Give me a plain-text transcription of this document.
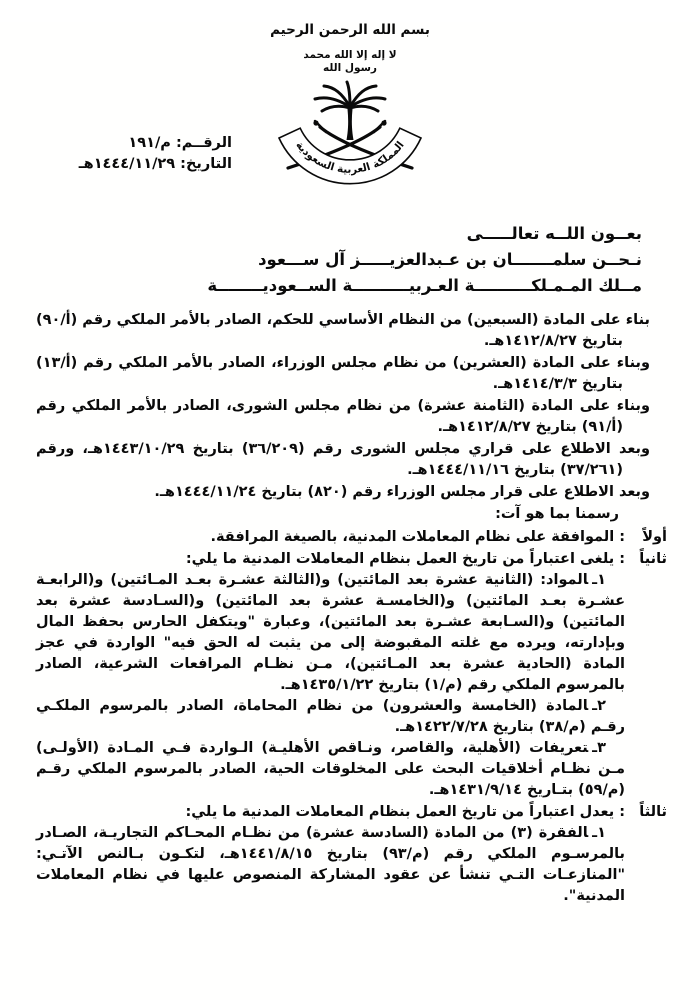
بسم الله الرحمن الرحيم
لا إله إلا الله محمد رسول الله
المملكة العربية السعودية
الرقــم: م/١٩١
التاريخ: ١٤٤٤/١١/٢٩هـ
بعــون اللــه تعالـــــى
نـحــن سلمـــــــان بن عـبدالعزيـــــز آل ســـعود
مــلك المـمـلكــــــــــة العـربيــــــــــة الســعوديــــــــة

بناء على المادة (السبعين) من النظام الأساسي للحكم، الصادر بالأمر الملكي رقم (أ/٩٠) بتاريخ ١٤١٢/٨/٢٧هـ.

وبناء على المادة (العشرين) من نظام مجلس الوزراء، الصادر بالأمر الملكي رقم (أ/١٣) بتاريخ ١٤١٤/٣/٣هـ.

وبناء على المادة (الثامنة عشرة) من نظام مجلس الشورى، الصادر بالأمر الملكي رقم (أ/٩١) بتاريخ ١٤١٢/٨/٢٧هـ.

وبعد الاطلاع على قراري مجلس الشورى رقم (٣٦/٢٠٩) بتاريخ ١٤٤٣/١٠/٢٩هـ، ورقم (٣٧/٢٦١) بتاريخ ١٤٤٤/١١/١٦هـ.

وبعد الاطلاع على قرار مجلس الوزراء رقم (٨٢٠) بتاريخ ١٤٤٤/١١/٢٤هـ.

رسمنا بما هو آت:
أولاً
:الموافقة على نظام المعاملات المدنية، بالصيغة المرافقة.
ثانياً
:يلغى اعتباراً من تاريخ العمل بنظام المعاملات المدنية ما يلي:
١ـالمواد: (الثانية عشرة بعد المائتين) و(الثالثة عشـرة بعـد المـائتين) و(الرابعـة عشـرة بعـد المائتين) و(الخامسـة عشرة بعد المائتين) و(السـادسة عشرة بعد المائتين) و(السـابعة عشـرة بعد المائتين)، وعبارة "ويتكفل الحارس بحفظ المال وبإدارته، ويرده مع غلته المقبوضة إلى من يثبت له الحق فيه" الواردة في عجز المادة (الحادية عشرة بعد المـائتين)، مـن نظـام المرافعات الشرعية، الصادر بالمرسوم الملكي رقم (م/١) بتاريخ ١٤٣٥/١/٢٢هـ.
٢ـالمادة (الخامسة والعشرون) من نظام المحاماة، الصادر بالمرسوم الملكـي رقـم (م/٣٨) بتاريخ ١٤٢٢/٧/٢٨هـ.
٣ـتعريفات (الأهلية، والقاصر، ونـاقص الأهليـة) الـواردة فـي المـادة (الأولـى) مـن نظـام أخلاقيات البحث على المخلوقات الحية، الصادر بالمرسوم الملكي رقـم (م/٥٩) بتـاريخ ١٤٣١/٩/١٤هـ.
ثالثاً
:يعدل اعتباراً من تاريخ العمل بنظام المعاملات المدنية ما يلي:
١ـالفقرة (٣) من المادة (السادسة عشرة) من نظـام المحـاكم التجاريـة، الصـادر بالمرسـوم الملكي رقم (م/٩٣) بتاريخ ١٤٤١/٨/١٥هـ، لتكـون بـالنص الآتـي: "المنازعـات التـي تنشأ عن عقود المشاركة المنصوص عليها في نظام المعاملات المدنية".
